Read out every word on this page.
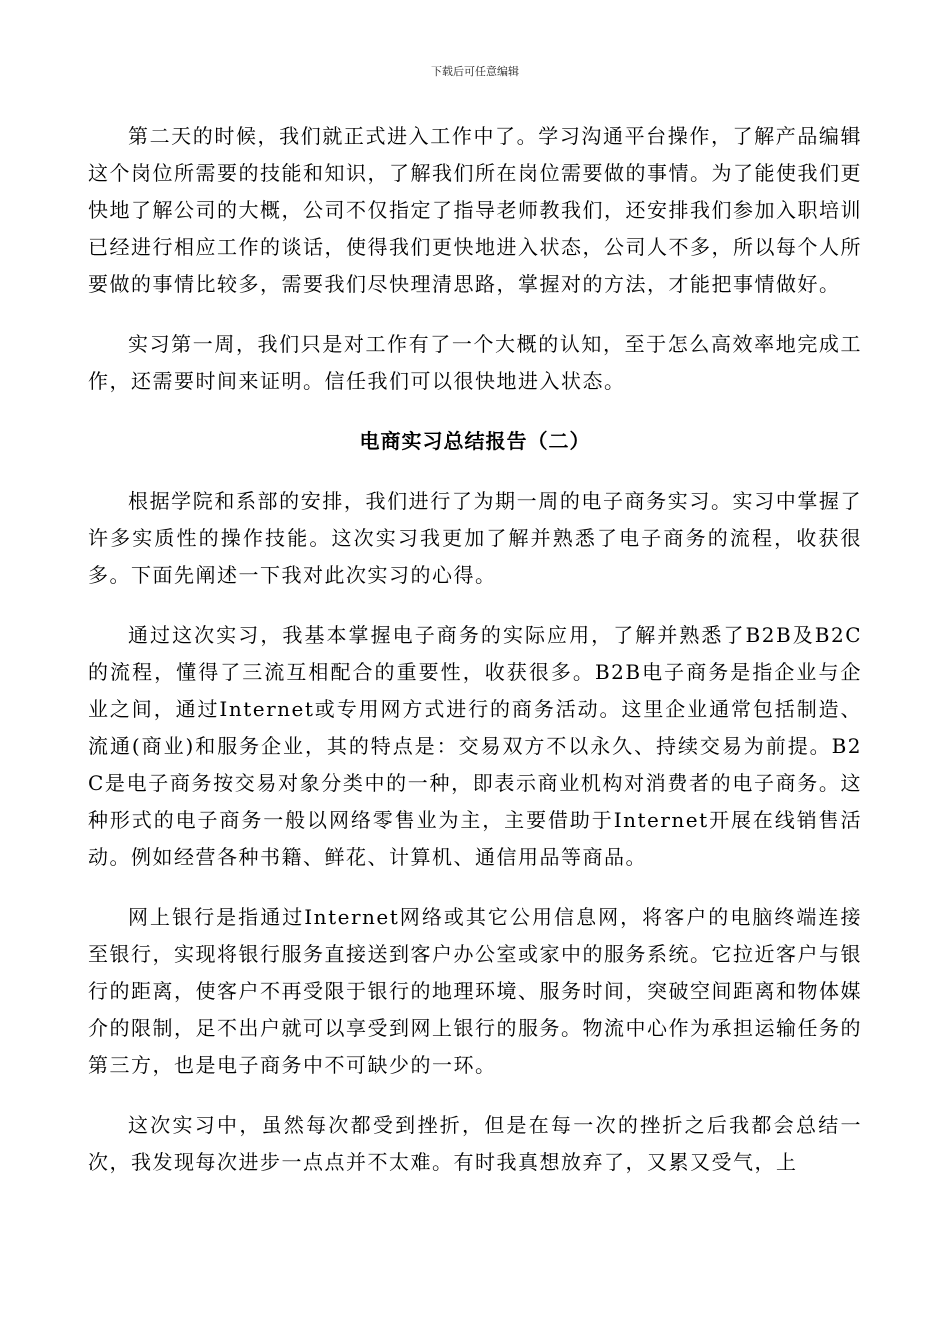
下载后可任意编辑

第二天的时候，我们就正式进入工作中了。学习沟通平台操作，了解产品编辑这个岗位所需要的技能和知识，了解我们所在岗位需要做的事情。为了能使我们更快地了解公司的大概，公司不仅指定了指导老师教我们，还安排我们参加入职培训已经进行相应工作的谈话，使得我们更快地进入状态，公司人不多，所以每个人所要做的事情比较多，需要我们尽快理清思路，掌握对的方法，才能把事情做好。

实习第一周，我们只是对工作有了一个大概的认知，至于怎么高效率地完成工作，还需要时间来证明。信任我们可以很快地进入状态。

电商实习总结报告（二）

根据学院和系部的安排，我们进行了为期一周的电子商务实习。实习中掌握了许多实质性的操作技能。这次实习我更加了解并熟悉了电子商务的流程，收获很多。下面先阐述一下我对此次实习的心得。

通过这次实习，我基本掌握电子商务的实际应用，了解并熟悉了B2B及B2C的流程，懂得了三流互相配合的重要性，收获很多。B2B电子商务是指企业与企业之间，通过Internet或专用网方式进行的商务活动。这里企业通常包括制造、流通(商业)和服务企业，其的特点是：交易双方不以永久、持续交易为前提。B2C是电子商务按交易对象分类中的一种，即表示商业机构对消费者的电子商务。这种形式的电子商务一般以网络零售业为主，主要借助于Internet开展在线销售活动。例如经营各种书籍、鲜花、计算机、通信用品等商品。

网上银行是指通过Internet网络或其它公用信息网，将客户的电脑终端连接至银行，实现将银行服务直接送到客户办公室或家中的服务系统。它拉近客户与银行的距离，使客户不再受限于银行的地理环境、服务时间，突破空间距离和物体媒介的限制，足不出户就可以享受到网上银行的服务。物流中心作为承担运输任务的第三方，也是电子商务中不可缺少的一环。

这次实习中，虽然每次都受到挫折，但是在每一次的挫折之后我都会总结一次，我发现每次进步一点点并不太难。有时我真想放弃了，又累又受气，上
